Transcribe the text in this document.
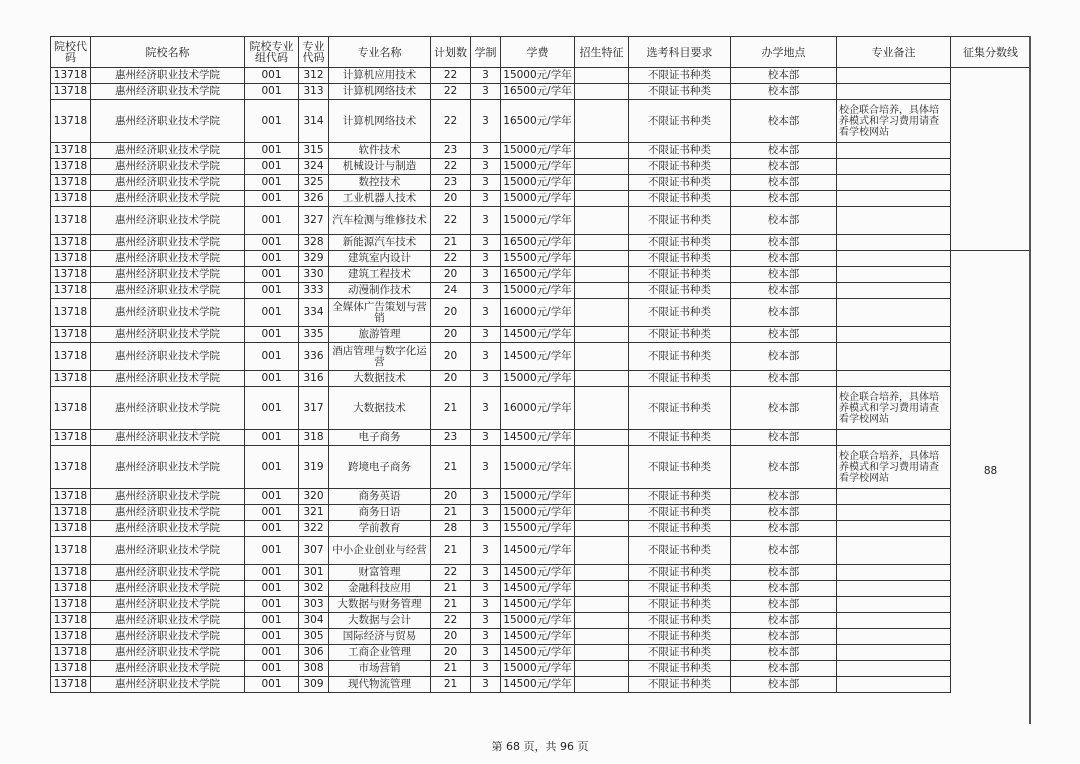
院校代码	院校名称	院校专业组代码	专业代码	专业名称	计划数	学制	学费	招生特征	选考科目要求	办学地点	专业备注	征集分数线
13718	惠州经济职业技术学院	001	312	计算机应用技术	22	3	15000元/学年		不限证书种类	校本部		
13718	惠州经济职业技术学院	001	313	计算机网络技术	22	3	16500元/学年		不限证书种类	校本部		
13718	惠州经济职业技术学院	001	314	计算机网络技术	22	3	16500元/学年		不限证书种类	校本部	校企联合培养，具体培养模式和学习费用请查看学校网站	
13718	惠州经济职业技术学院	001	315	软件技术	23	3	15000元/学年		不限证书种类	校本部		
13718	惠州经济职业技术学院	001	324	机械设计与制造	22	3	15000元/学年		不限证书种类	校本部		
13718	惠州经济职业技术学院	001	325	数控技术	23	3	15000元/学年		不限证书种类	校本部		
13718	惠州经济职业技术学院	001	326	工业机器人技术	20	3	15000元/学年		不限证书种类	校本部		
13718	惠州经济职业技术学院	001	327	汽车检测与维修技术	22	3	15000元/学年		不限证书种类	校本部		
13718	惠州经济职业技术学院	001	328	新能源汽车技术	21	3	16500元/学年		不限证书种类	校本部		
13718	惠州经济职业技术学院	001	329	建筑室内设计	22	3	15500元/学年		不限证书种类	校本部		88
13718	惠州经济职业技术学院	001	330	建筑工程技术	20	3	16500元/学年		不限证书种类	校本部		
13718	惠州经济职业技术学院	001	333	动漫制作技术	24	3	15000元/学年		不限证书种类	校本部		
13718	惠州经济职业技术学院	001	334	全媒体广告策划与营销	20	3	16000元/学年		不限证书种类	校本部		
13718	惠州经济职业技术学院	001	335	旅游管理	20	3	14500元/学年		不限证书种类	校本部		
13718	惠州经济职业技术学院	001	336	酒店管理与数字化运营	20	3	14500元/学年		不限证书种类	校本部		
13718	惠州经济职业技术学院	001	316	大数据技术	20	3	15000元/学年		不限证书种类	校本部		
13718	惠州经济职业技术学院	001	317	大数据技术	21	3	16000元/学年		不限证书种类	校本部	校企联合培养，具体培养模式和学习费用请查看学校网站	
13718	惠州经济职业技术学院	001	318	电子商务	23	3	14500元/学年		不限证书种类	校本部		
13718	惠州经济职业技术学院	001	319	跨境电子商务	21	3	15000元/学年		不限证书种类	校本部	校企联合培养，具体培养模式和学习费用请查看学校网站	
13718	惠州经济职业技术学院	001	320	商务英语	20	3	15000元/学年		不限证书种类	校本部		
13718	惠州经济职业技术学院	001	321	商务日语	21	3	15000元/学年		不限证书种类	校本部		
13718	惠州经济职业技术学院	001	322	学前教育	28	3	15500元/学年		不限证书种类	校本部		
13718	惠州经济职业技术学院	001	307	中小企业创业与经营	21	3	14500元/学年		不限证书种类	校本部		
13718	惠州经济职业技术学院	001	301	财富管理	22	3	14500元/学年		不限证书种类	校本部		
13718	惠州经济职业技术学院	001	302	金融科技应用	21	3	14500元/学年		不限证书种类	校本部		
13718	惠州经济职业技术学院	001	303	大数据与财务管理	21	3	14500元/学年		不限证书种类	校本部		
13718	惠州经济职业技术学院	001	304	大数据与会计	22	3	15000元/学年		不限证书种类	校本部		
13718	惠州经济职业技术学院	001	305	国际经济与贸易	20	3	14500元/学年		不限证书种类	校本部		
13718	惠州经济职业技术学院	001	306	工商企业管理	20	3	14500元/学年		不限证书种类	校本部		
13718	惠州经济职业技术学院	001	308	市场营销	21	3	15000元/学年		不限证书种类	校本部		
13718	惠州经济职业技术学院	001	309	现代物流管理	21	3	14500元/学年		不限证书种类	校本部		
第 68 页，共 96 页
